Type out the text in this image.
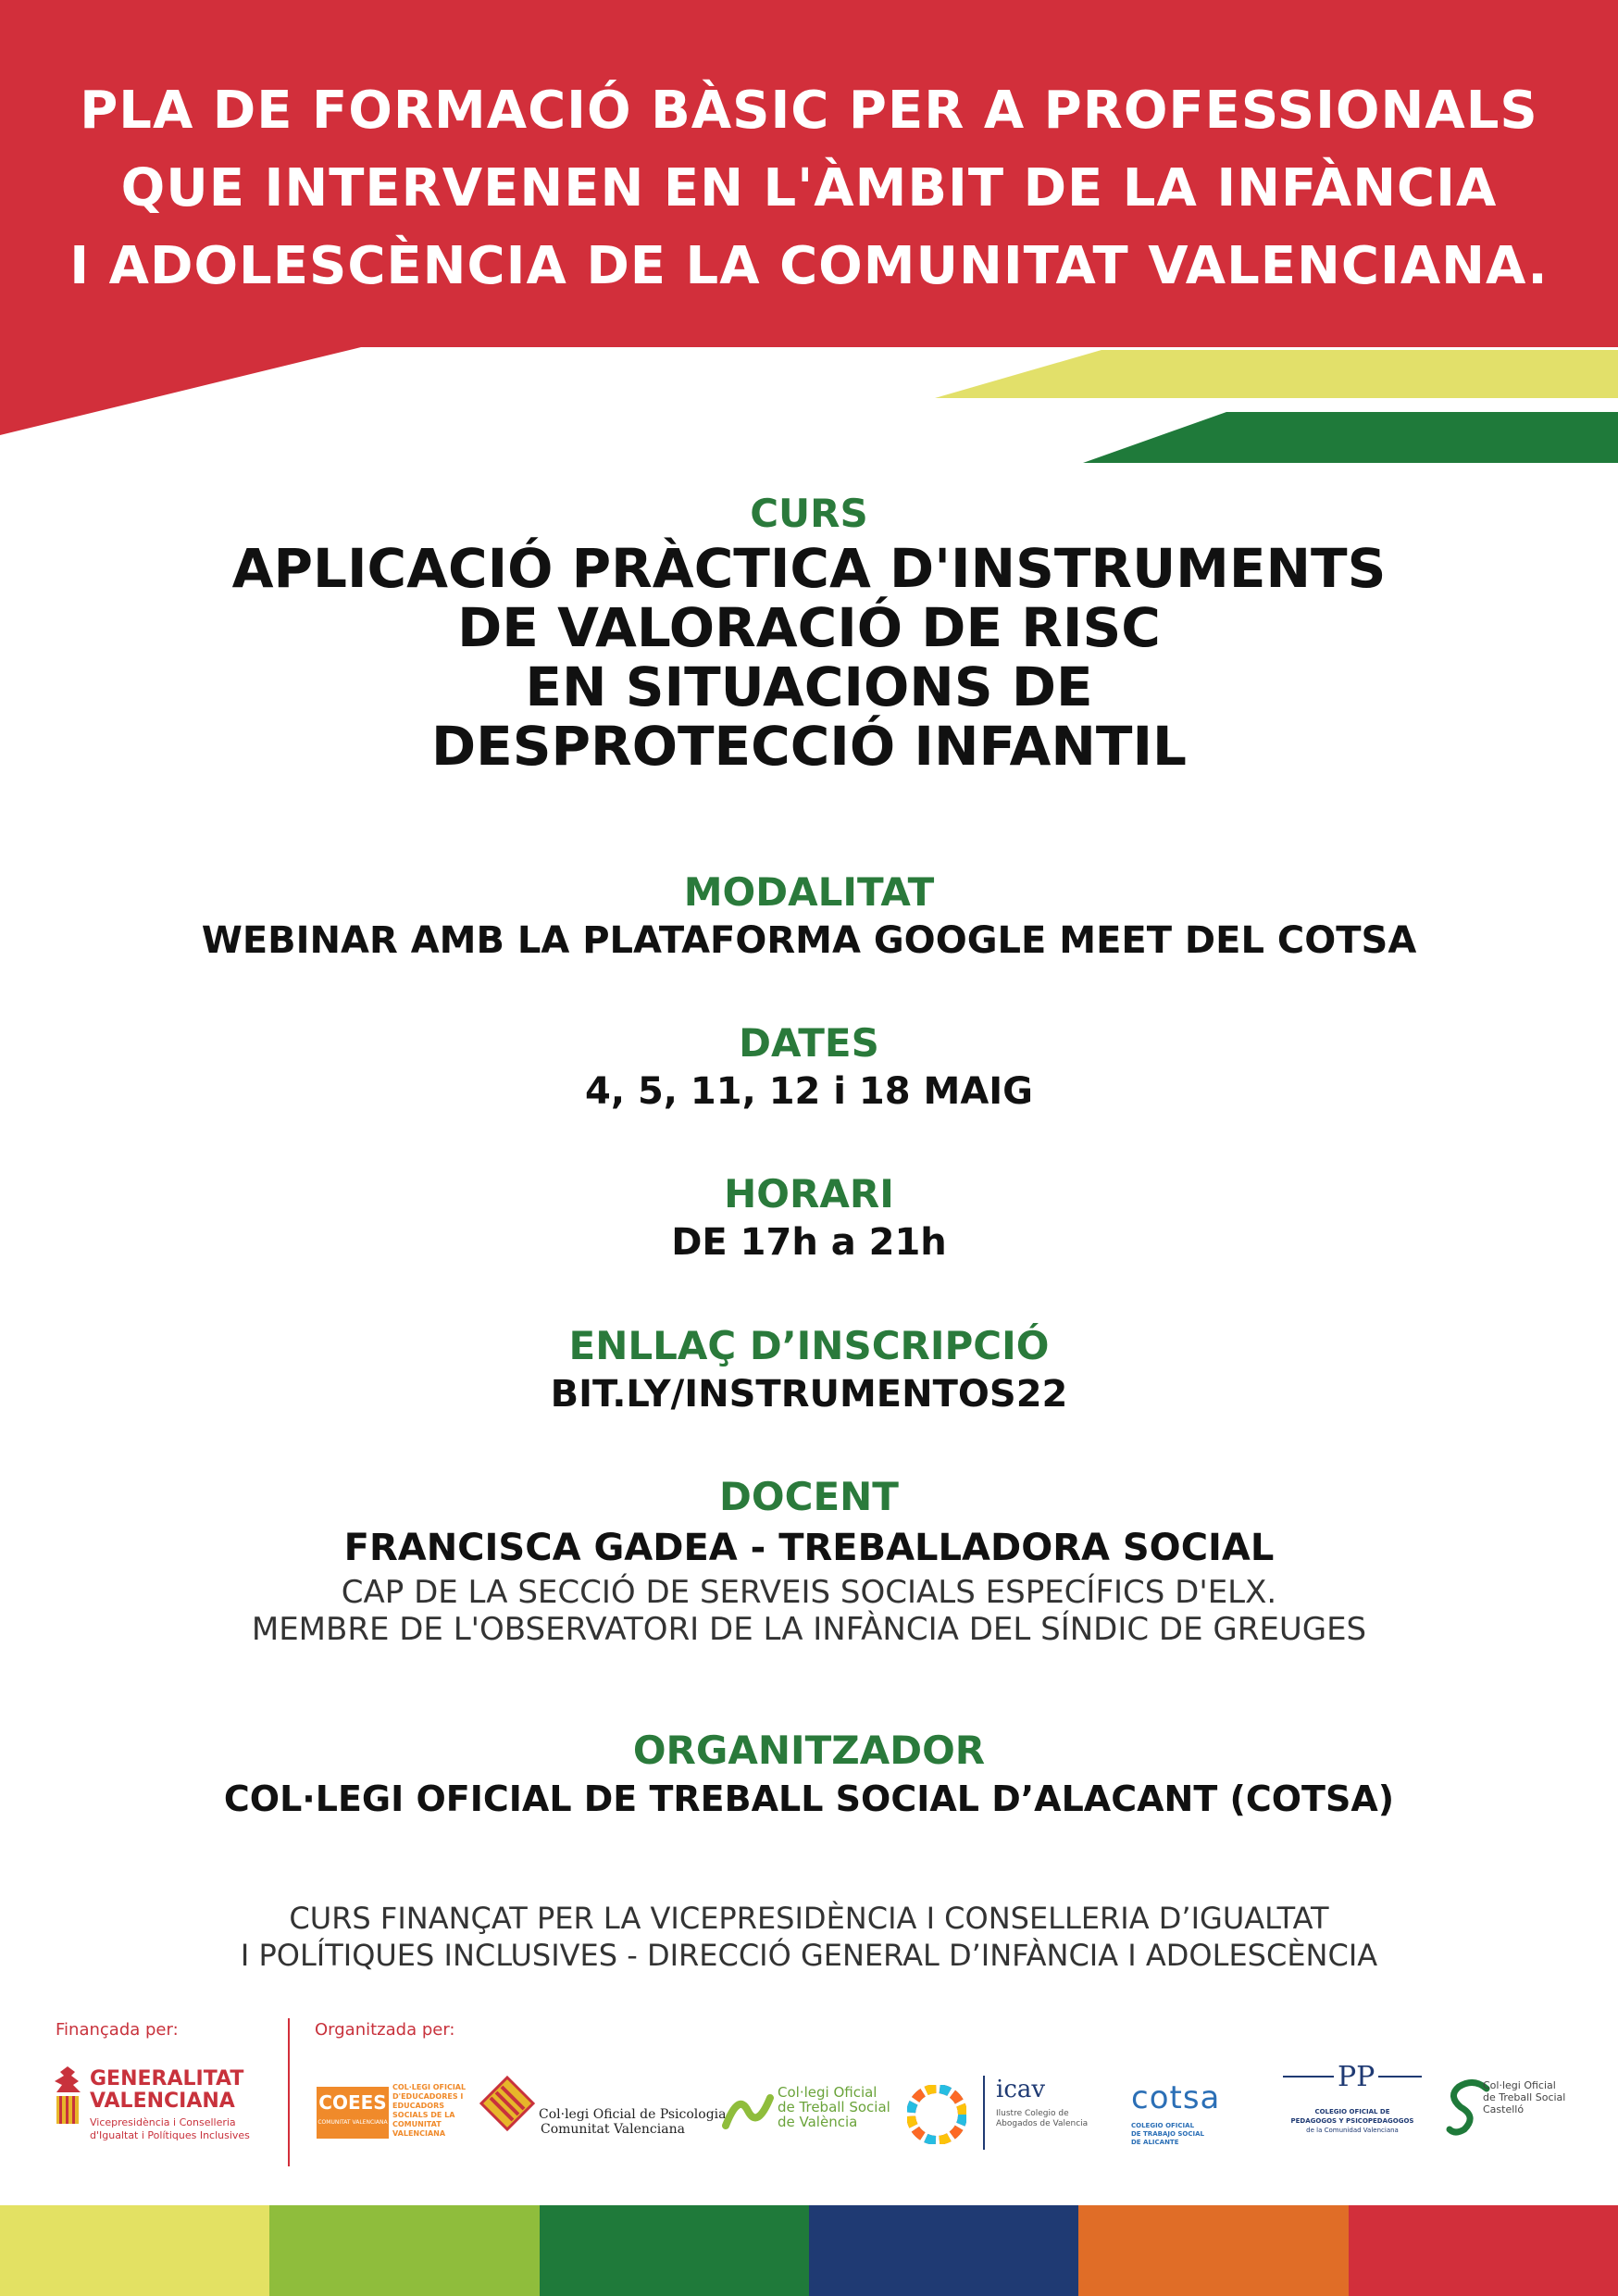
PLA DE FORMACIÓ BÀSIC PER A PROFESSIONALS
QUE INTERVENEN EN L'ÀMBIT DE LA INFÀNCIA
I ADOLESCÈNCIA DE LA COMUNITAT VALENCIANA.
CURS
APLICACIÓ PRÀCTICA D'INSTRUMENTS
DE VALORACIÓ DE RISC
EN SITUACIONS DE
DESPROTECCIÓ INFANTIL
MODALITAT
WEBINAR AMB LA PLATAFORMA GOOGLE MEET DEL COTSA
DATES
4, 5, 11, 12 i 18 MAIG
HORARI
DE 17h a 21h
ENLLAÇ D’INSCRIPCIÓ
BIT.LY/INSTRUMENTOS22
DOCENT
FRANCISCA GADEA - TREBALLADORA SOCIAL
CAP DE LA SECCIÓ DE SERVEIS SOCIALS ESPECÍFICS D'ELX.
MEMBRE DE L'OBSERVATORI DE LA INFÀNCIA DEL SÍNDIC DE GREUGES
ORGANITZADOR
COL·LEGI OFICIAL DE TREBALL SOCIAL D’ALACANT (COTSA)
CURS FINANÇAT PER LA VICEPRESIDÈNCIA I CONSELLERIA D’IGUALTAT
I POLÍTIQUES INCLUSIVES - DIRECCIÓ GENERAL D’INFÀNCIA I ADOLESCÈNCIA
Finançada per:	Organitzada per:
GENERALITAT
VALENCIANA
Vicepresidència i Conselleria
d'Igualtat i Polítiques Inclusives
COEES
COMUNITAT VALENCIANA
COL·LEGI OFICIAL
D'EDUCADORES I
EDUCADORS
SOCIALS DE LA
COMUNITAT
VALENCIANA
Col·legi Oficial de Psicologia
Comunitat Valenciana
Col·legi Oficial
de Treball Social
de València
icav
Ilustre Colegio de
Abogados de Valencia
cotsa
COLEGIO OFICIAL
DE TRABAJO SOCIAL
DE ALICANTE
PP
COLEGIO OFICIAL DE
PEDAGOGOS Y PSICOPEDAGOGOS
de la Comunidad Valenciana
Col·legi Oficial
de Treball Social
Castelló
